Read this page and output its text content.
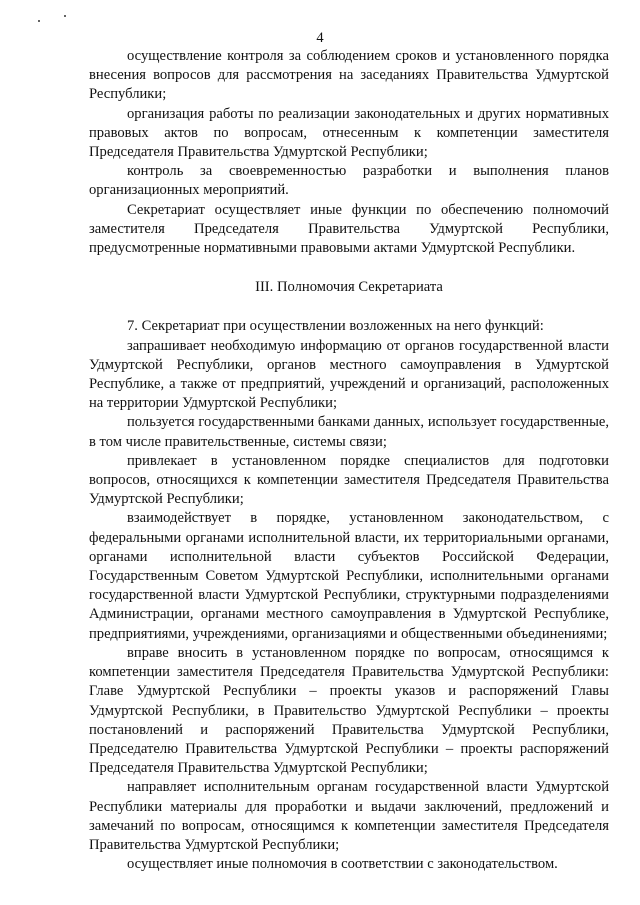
4

осуществление контроля за соблюдением сроков и установленного порядка внесения вопросов для рассмотрения на заседаниях Правительства Удмуртской Республики;

организация работы по реализации законодательных и других нормативных правовых актов по вопросам, отнесенным к компетенции заместителя Председателя Правительства Удмуртской Республики;

контроль за своевременностью разработки и выполнения планов организационных мероприятий.

Секретариат осуществляет иные функции по обеспечению полномочий заместителя Председателя Правительства Удмуртской Республики, предусмотренные нормативными правовыми актами Удмуртской Республики.

III. Полномочия Секретариата

7. Секретариат при осуществлении возложенных на него функций:

запрашивает необходимую информацию от органов государственной власти Удмуртской Республики, органов местного самоуправления в Удмуртской Республике, а также от предприятий, учреждений и организаций, расположенных на территории Удмуртской Республики;

пользуется государственными банками данных, использует государственные, в том числе правительственные, системы связи;

привлекает в установленном порядке специалистов для подготовки вопросов, относящихся к компетенции заместителя Председателя Правительства Удмуртской Республики;

взаимодействует в порядке, установленном законодательством, с федеральными органами исполнительной власти, их территориальными органами, органами исполнительной власти субъектов Российской Федерации, Государственным Советом Удмуртской Республики, исполнительными органами государственной власти Удмуртской Республики, структурными подразделениями Администрации, органами местного самоуправления в Удмуртской Республике, предприятиями, учреждениями, организациями и общественными объединениями;

вправе вносить в установленном порядке по вопросам, относящимся к компетенции заместителя Председателя Правительства Удмуртской Республики: Главе Удмуртской Республики – проекты указов и распоряжений Главы Удмуртской Республики, в Правительство Удмуртской Республики – проекты постановлений и распоряжений Правительства Удмуртской Республики, Председателю Правительства Удмуртской Республики – проекты распоряжений Председателя Правительства Удмуртской Республики;

направляет исполнительным органам государственной власти Удмуртской Республики материалы для проработки и выдачи заключений, предложений и замечаний по вопросам, относящимся к компетенции заместителя Председателя Правительства Удмуртской Республики;

осуществляет иные полномочия в соответствии с законодательством.
